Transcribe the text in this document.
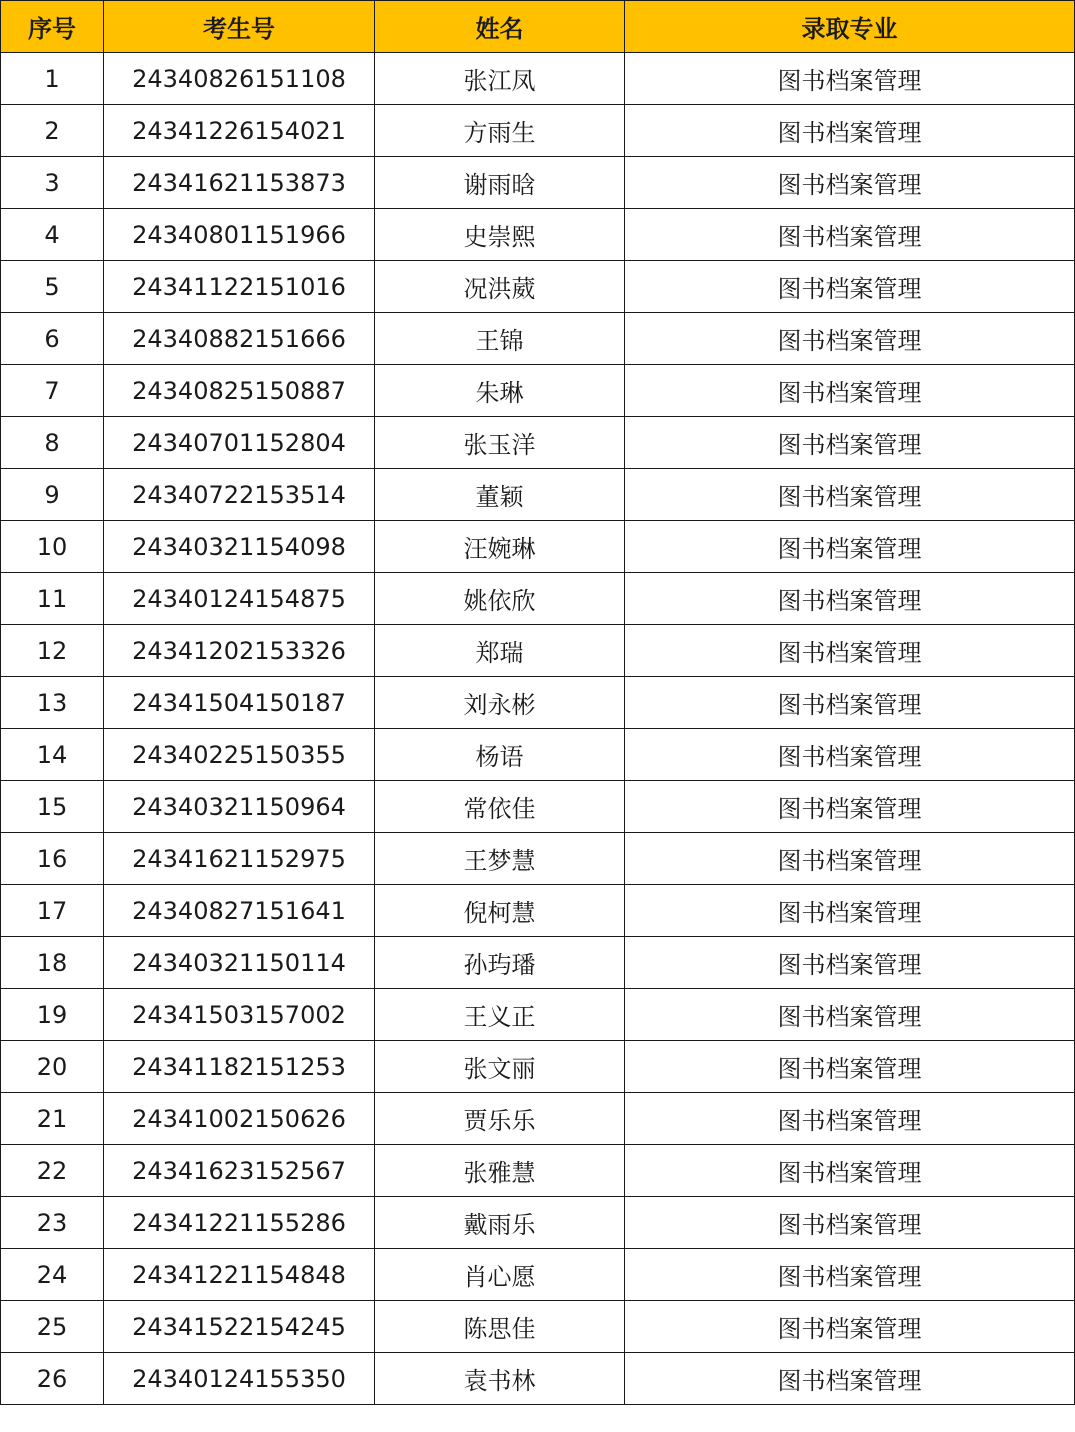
序号	考生号	姓名	录取专业
1	24340826151108	张江凤	图书档案管理
2	24341226154021	方雨生	图书档案管理
3	24341621153873	谢雨晗	图书档案管理
4	24340801151966	史崇熙	图书档案管理
5	24341122151016	况洪葳	图书档案管理
6	24340882151666	王锦	图书档案管理
7	24340825150887	朱琳	图书档案管理
8	24340701152804	张玉洋	图书档案管理
9	24340722153514	董颖	图书档案管理
10	24340321154098	汪婉琳	图书档案管理
11	24340124154875	姚依欣	图书档案管理
12	24341202153326	郑瑞	图书档案管理
13	24341504150187	刘永彬	图书档案管理
14	24340225150355	杨语	图书档案管理
15	24340321150964	常依佳	图书档案管理
16	24341621152975	王梦慧	图书档案管理
17	24340827151641	倪柯慧	图书档案管理
18	24340321150114	孙玙璠	图书档案管理
19	24341503157002	王义正	图书档案管理
20	24341182151253	张文丽	图书档案管理
21	24341002150626	贾乐乐	图书档案管理
22	24341623152567	张雅慧	图书档案管理
23	24341221155286	戴雨乐	图书档案管理
24	24341221154848	肖心愿	图书档案管理
25	24341522154245	陈思佳	图书档案管理
26	24340124155350	袁书林	图书档案管理
